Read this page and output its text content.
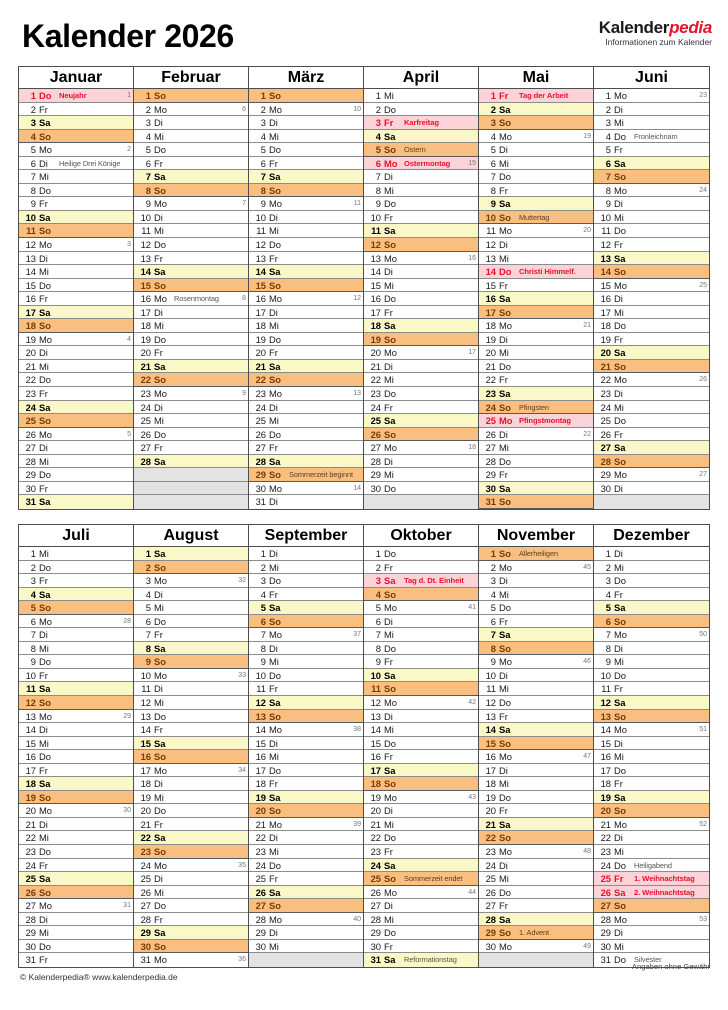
Kalender 2026	Kalenderpedia
Informationen zum Kalender
Januar
1 Do Neujahr	1
2 Fr
3 Sa
4 So
5 Mo	2
6 Di Heilige Drei Könige
7 Mi
8 Do
9 Fr
10 Sa
11 So
12 Mo	3
13 Di
14 Mi
15 Do
16 Fr
17 Sa
18 So
19 Mo	4
20 Di
21 Mi
22 Do
23 Fr
24 Sa
25 So
26 Mo	5
27 Di
28 Mi
29 Do
30 Fr
31 Sa
Februar
1 So
2 Mo	6
3 Di
4 Mi
5 Do
6 Fr
7 Sa
8 So
9 Mo	7
10 Di
11 Mi
12 Do
13 Fr
14 Sa
15 So
16 Mo Rosenmontag	8
17 Di
18 Mi
19 Do
20 Fr
21 Sa
22 So
23 Mo	9
24 Di
25 Mi
26 Do
27 Fr
28 Sa
März
1 So
2 Mo	10
3 Di
4 Mi
5 Do
6 Fr
7 Sa
8 So
9 Mo	11
10 Di
11 Mi
12 Do
13 Fr
14 Sa
15 So
16 Mo	12
17 Di
18 Mi
19 Do
20 Fr
21 Sa
22 So
23 Mo	13
24 Di
25 Mi
26 Do
27 Fr
28 Sa
29 So Sommerzeit beginnt
30 Mo	14
31 Di
April
1 Mi
2 Do
3 Fr Karfreitag
4 Sa
5 So Ostern
6 Mo Ostermontag	15
7 Di
8 Mi
9 Do
10 Fr
11 Sa
12 So
13 Mo	16
14 Di
15 Mi
16 Do
17 Fr
18 Sa
19 So
20 Mo	17
21 Di
22 Mi
23 Do
24 Fr
25 Sa
26 So
27 Mo	18
28 Di
29 Mi
30 Do
Mai
1 Fr Tag der Arbeit
2 Sa
3 So
4 Mo	19
5 Di
6 Mi
7 Do
8 Fr
9 Sa
10 So Muttertag
11 Mo	20
12 Di
13 Mi
14 Do Christi Himmelf.
15 Fr
16 Sa
17 So
18 Mo	21
19 Di
20 Mi
21 Do
22 Fr
23 Sa
24 So Pfingsten
25 Mo Pfingstmontag
26 Di	22
27 Mi
28 Do
29 Fr
30 Sa
31 So
Juni
1 Mo	23
2 Di
3 Mi
4 Do Fronleichnam
5 Fr
6 Sa
7 So
8 Mo	24
9 Di
10 Mi
11 Do
12 Fr
13 Sa
14 So
15 Mo	25
16 Di
17 Mi
18 Do
19 Fr
20 Sa
21 So
22 Mo	26
23 Di
24 Mi
25 Do
26 Fr
27 Sa
28 So
29 Mo	27
30 Di
Juli
1 Mi
2 Do
3 Fr
4 Sa
5 So
6 Mo	28
7 Di
8 Mi
9 Do
10 Fr
11 Sa
12 So
13 Mo	29
14 Di
15 Mi
16 Do
17 Fr
18 Sa
19 So
20 Mo	30
21 Di
22 Mi
23 Do
24 Fr
25 Sa
26 So
27 Mo	31
28 Di
29 Mi
30 Do
31 Fr
August
1 Sa
2 So
3 Mo	32
4 Di
5 Mi
6 Do
7 Fr
8 Sa
9 So
10 Mo	33
11 Di
12 Mi
13 Do
14 Fr
15 Sa
16 So
17 Mo	34
18 Di
19 Mi
20 Do
21 Fr
22 Sa
23 So
24 Mo	35
25 Di
26 Mi
27 Do
28 Fr
29 Sa
30 So
31 Mo	36
September
1 Di
2 Mi
3 Do
4 Fr
5 Sa
6 So
7 Mo	37
8 Di
9 Mi
10 Do
11 Fr
12 Sa
13 So
14 Mo	38
15 Di
16 Mi
17 Do
18 Fr
19 Sa
20 So
21 Mo	39
22 Di
23 Mi
24 Do
25 Fr
26 Sa
27 So
28 Mo	40
29 Di
30 Mi
Oktober
1 Do
2 Fr
3 Sa Tag d. Dt. Einheit
4 So
5 Mo	41
6 Di
7 Mi
8 Do
9 Fr
10 Sa
11 So
12 Mo	42
13 Di
14 Mi
15 Do
16 Fr
17 Sa
18 So
19 Mo	43
20 Di
21 Mi
22 Do
23 Fr
24 Sa
25 So Sommerzeit endet
26 Mo	44
27 Di
28 Mi
29 Do
30 Fr
31 Sa Reformationstag
November
1 So Allerheiligen
2 Mo	45
3 Di
4 Mi
5 Do
6 Fr
7 Sa
8 So
9 Mo	46
10 Di
11 Mi
12 Do
13 Fr
14 Sa
15 So
16 Mo	47
17 Di
18 Mi
19 Do
20 Fr
21 Sa
22 So
23 Mo	48
24 Di
25 Mi
26 Do
27 Fr
28 Sa
29 So 1. Advent
30 Mo	49
Dezember
1 Di
2 Mi
3 Do
4 Fr
5 Sa
6 So
7 Mo	50
8 Di
9 Mi
10 Do
11 Fr
12 Sa
13 So
14 Mo	51
15 Di
16 Mi
17 Do
18 Fr
19 Sa
20 So
21 Mo	52
22 Di
23 Mi
24 Do Heiligabend
25 Fr 1. Weihnachtstag
26 Sa 2. Weihnachtstag
27 So
28 Mo	53
29 Di
30 Mi
31 Do Silvester
© Kalenderpedia® www.kalenderpedia.de
Angaben ohne Gewähr
